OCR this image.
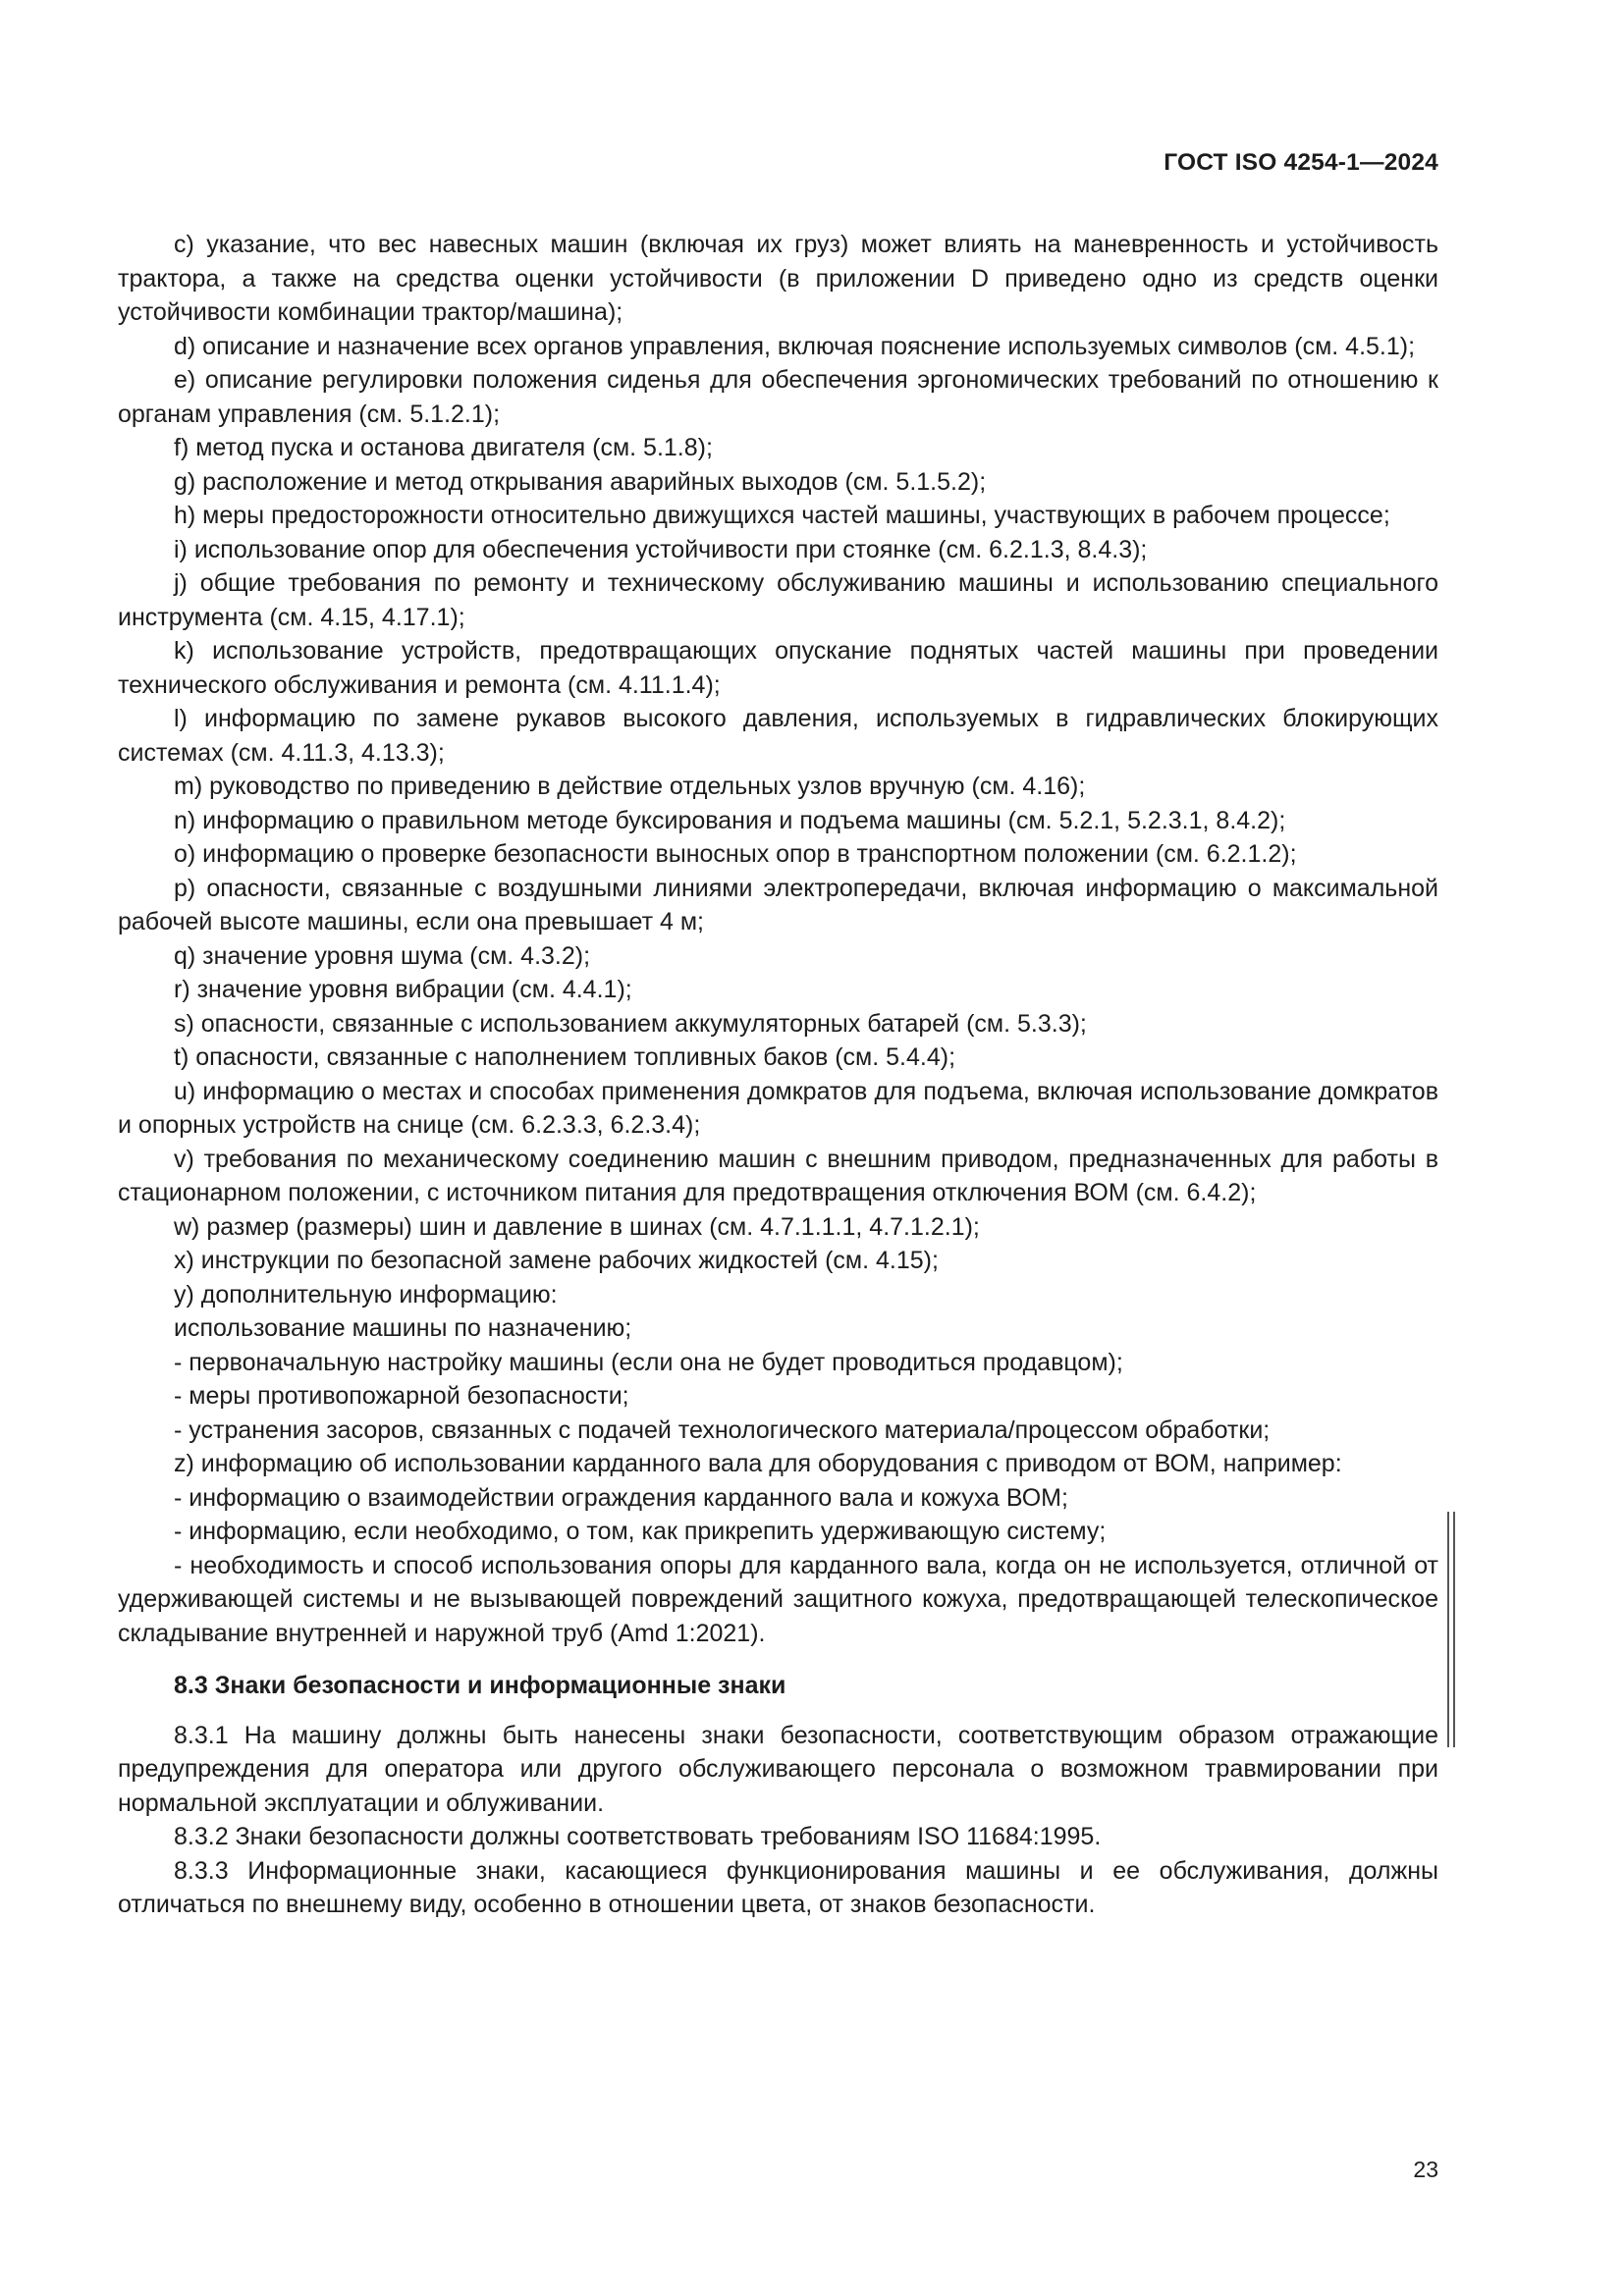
ГОСТ ISO 4254-1—2024

c) указание, что вес навесных машин (включая их груз) может влиять на маневренность и устойчивость трактора, а также на средства оценки устойчивости (в приложении D приведено одно из средств оценки устойчивости комбинации трактор/машина);

d) описание и назначение всех органов управления, включая пояснение используемых символов (см. 4.5.1);

e) описание регулировки положения сиденья для обеспечения эргономических требований по отношению к органам управления (см. 5.1.2.1);

f) метод пуска и останова двигателя (см. 5.1.8);

g) расположение и метод открывания аварийных выходов (см. 5.1.5.2);

h) меры предосторожности относительно движущихся частей машины, участвующих в рабочем процессе;

i) использование опор для обеспечения устойчивости при стоянке (см. 6.2.1.3, 8.4.3);

j) общие требования по ремонту и техническому обслуживанию машины и использованию специального инструмента (см. 4.15, 4.17.1);

k) использование устройств, предотвращающих опускание поднятых частей машины при проведении технического обслуживания и ремонта (см. 4.11.1.4);

l) информацию по замене рукавов высокого давления, используемых в гидравлических блокирующих системах (см. 4.11.3, 4.13.3);

m) руководство по приведению в действие отдельных узлов вручную (см. 4.16);

n) информацию о правильном методе буксирования и подъема машины (см. 5.2.1, 5.2.3.1, 8.4.2);

o) информацию о проверке безопасности выносных опор в транспортном положении (см. 6.2.1.2);

p) опасности, связанные с воздушными линиями электропередачи, включая информацию о максимальной рабочей высоте машины, если она превышает 4 м;

q) значение уровня шума (см. 4.3.2);

r) значение уровня вибрации (см. 4.4.1);

s) опасности, связанные с использованием аккумуляторных батарей (см. 5.3.3);

t) опасности, связанные с наполнением топливных баков (см. 5.4.4);

u) информацию о местах и способах применения домкратов для подъема, включая использование домкратов и опорных устройств на снице (см. 6.2.3.3, 6.2.3.4);

v) требования по механическому соединению машин с внешним приводом, предназначенных для работы в стационарном положении, с источником питания для предотвращения отключения ВОМ (см. 6.4.2);

w) размер (размеры) шин и давление в шинах (см. 4.7.1.1.1, 4.7.1.2.1);

x) инструкции по безопасной замене рабочих жидкостей (см. 4.15);

y) дополнительную информацию:

использование машины по назначению;

- первоначальную настройку машины (если она не будет проводиться продавцом);

- меры противопожарной безопасности;

- устранения засоров, связанных с подачей технологического материала/процессом обработки;

z) информацию об использовании карданного вала для оборудования с приводом от ВОМ, например:

- информацию о взаимодействии ограждения карданного вала и кожуха ВОМ;

- информацию, если необходимо, о том, как прикрепить удерживающую систему;

- необходимость и способ использования опоры для карданного вала, когда он не используется, отличной от удерживающей системы и не вызывающей повреждений защитного кожуха, предотвращающей телескопическое складывание внутренней и наружной труб (Amd 1:2021).

8.3 Знаки безопасности и информационные знаки

8.3.1 На машину должны быть нанесены знаки безопасности, соответствующим образом отражающие предупреждения для оператора или другого обслуживающего персонала о возможном травмировании при нормальной эксплуатации и облуживании.

8.3.2 Знаки безопасности должны соответствовать требованиям ISO 11684:1995.

8.3.3 Информационные знаки, касающиеся функционирования машины и ее обслуживания, должны отличаться по внешнему виду, особенно в отношении цвета, от знаков безопасности.

23
